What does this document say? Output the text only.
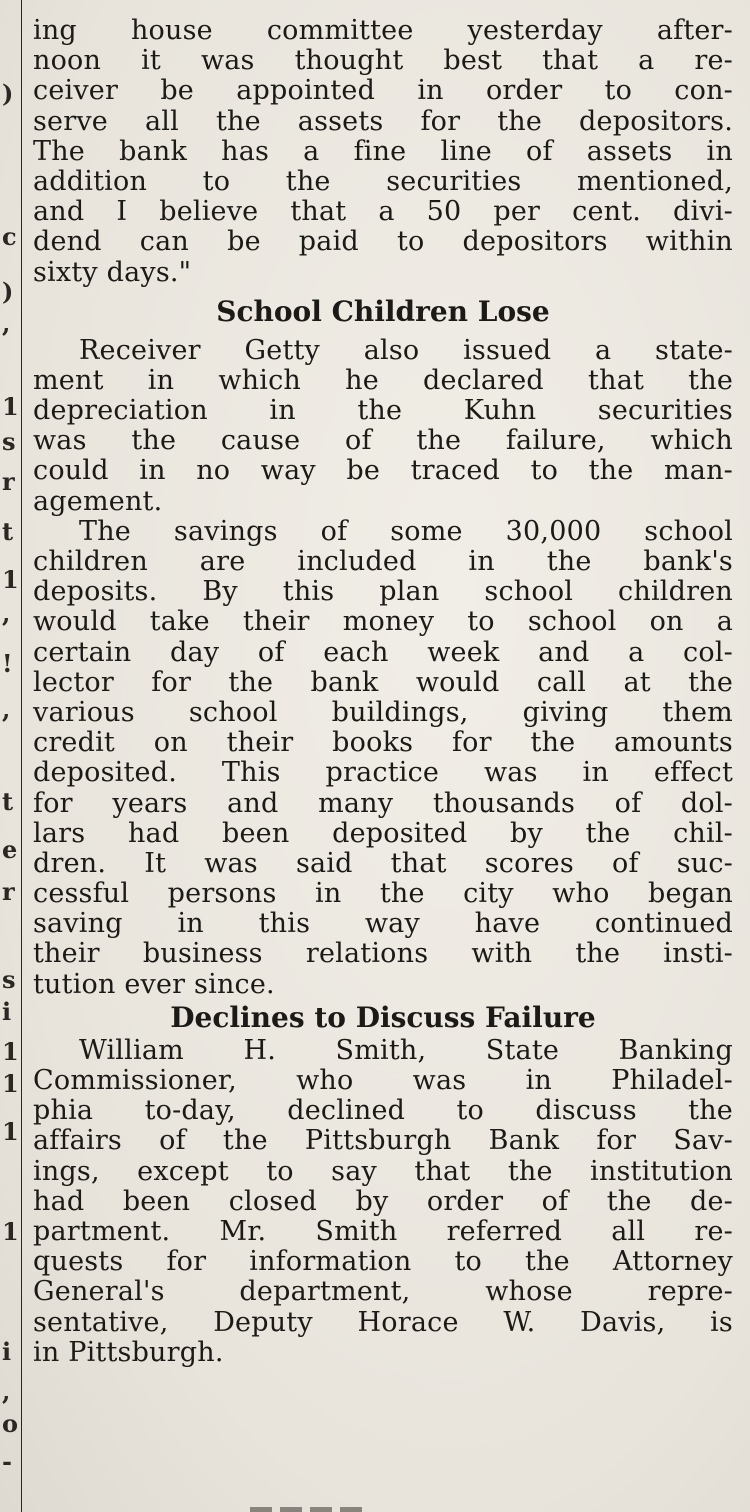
)
c
)
,
1
s
r
t
1
,
!
,
t
e
r
s
i
1
1
1
1
i
,
o
-
ing house committee yesterday after-
noon it was thought best that a re-
ceiver be appointed in order to con-
serve all the assets for the depositors.
The bank has a fine line of assets in
addition to the securities mentioned,
and I believe that a 50 per cent. divi-
dend can be paid to depositors within
sixty days."
School Children Lose
Receiver Getty also issued a state-
ment in which he declared that the
depreciation in the Kuhn securities
was the cause of the failure, which
could in no way be traced to the man-
agement.
The savings of some 30,000 school
children are included in the bank's
deposits. By this plan school children
would take their money to school on a
certain day of each week and a col-
lector for the bank would call at the
various school buildings, giving them
credit on their books for the amounts
deposited. This practice was in effect
for years and many thousands of dol-
lars had been deposited by the chil-
dren. It was said that scores of suc-
cessful persons in the city who began
saving in this way have continued
their business relations with the insti-
tution ever since.
Declines to Discuss Failure
William H. Smith, State Banking
Commissioner, who was in Philadel-
phia to-day, declined to discuss the
affairs of the Pittsburgh Bank for Sav-
ings, except to say that the institution
had been closed by order of the de-
partment. Mr. Smith referred all re-
quests for information to the Attorney
General's department, whose repre-
sentative, Deputy Horace W. Davis, is
in Pittsburgh.
